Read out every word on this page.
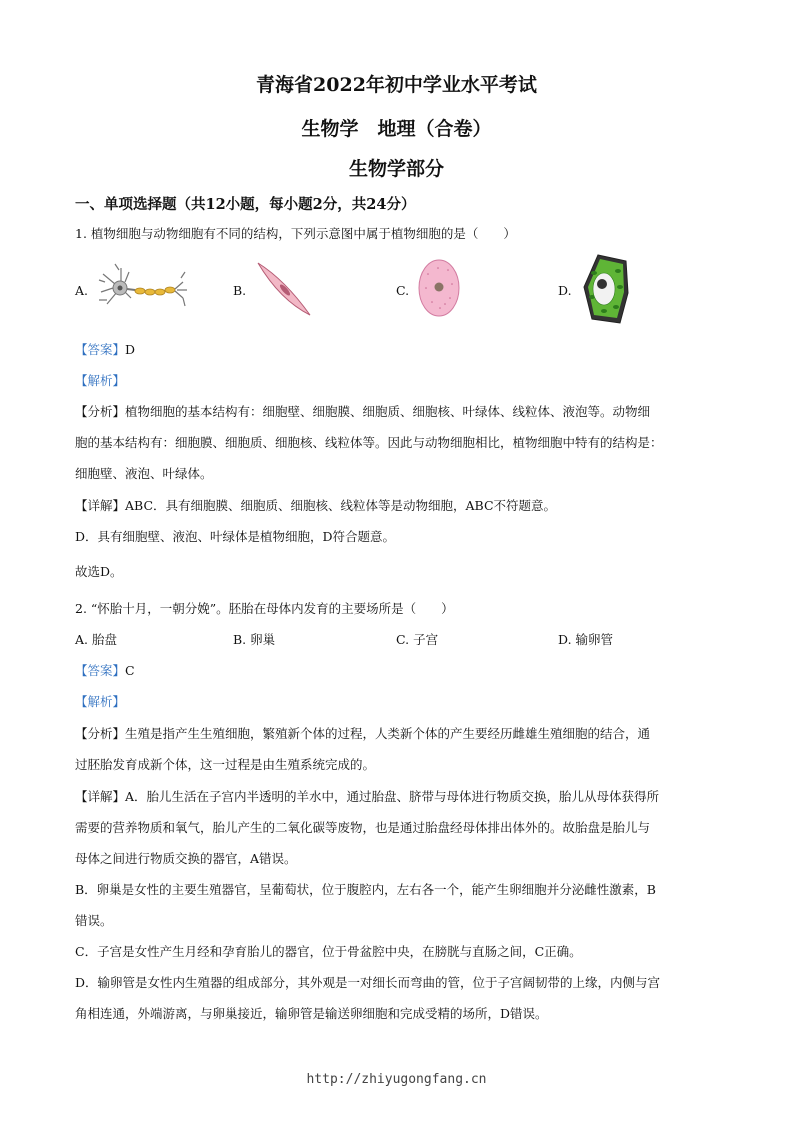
青海省2022年初中学业水平考试
生物学　地理（合卷）
生物学部分
一、单项选择题（共12小题，每小题2分，共24分）
1. 植物细胞与动物细胞有不同的结构，下列示意图中属于植物细胞的是（　　）
A.	B.	C.	D.
【答案】D
【解析】
【分析】植物细胞的基本结构有：细胞壁、细胞膜、细胞质、细胞核、叶绿体、线粒体、液泡等。动物细
胞的基本结构有：细胞膜、细胞质、细胞核、线粒体等。因此与动物细胞相比，植物细胞中特有的结构是：
细胞壁、液泡、叶绿体。
【详解】ABC．具有细胞膜、细胞质、细胞核、线粒体等是动物细胞，ABC不符题意。
D．具有细胞壁、液泡、叶绿体是植物细胞，D符合题意。
故选D。
2. “怀胎十月，一朝分娩”。胚胎在母体内发育的主要场所是（　　）
A. 胎盘	B. 卵巢	C. 子宫	D. 输卵管
【答案】C
【解析】
【分析】生殖是指产生生殖细胞，繁殖新个体的过程，人类新个体的产生要经历雌雄生殖细胞的结合，通
过胚胎发育成新个体，这一过程是由生殖系统完成的。
【详解】A．胎儿生活在子宫内半透明的羊水中，通过胎盘、脐带与母体进行物质交换，胎儿从母体获得所
需要的营养物质和氧气，胎儿产生的二氧化碳等废物，也是通过胎盘经母体排出体外的。故胎盘是胎儿与
母体之间进行物质交换的器官，A错误。
B．卵巢是女性的主要生殖器官，呈葡萄状，位于腹腔内，左右各一个，能产生卵细胞并分泌雌性激素，B
错误。
C．子宫是女性产生月经和孕育胎儿的器官，位于骨盆腔中央，在膀胱与直肠之间，C正确。
D．输卵管是女性内生殖器的组成部分，其外观是一对细长而弯曲的管，位于子宫阔韧带的上缘，内侧与宫
角相连通，外端游离，与卵巢接近，输卵管是输送卵细胞和完成受精的场所，D错误。
http://zhiyugongfang.cn
